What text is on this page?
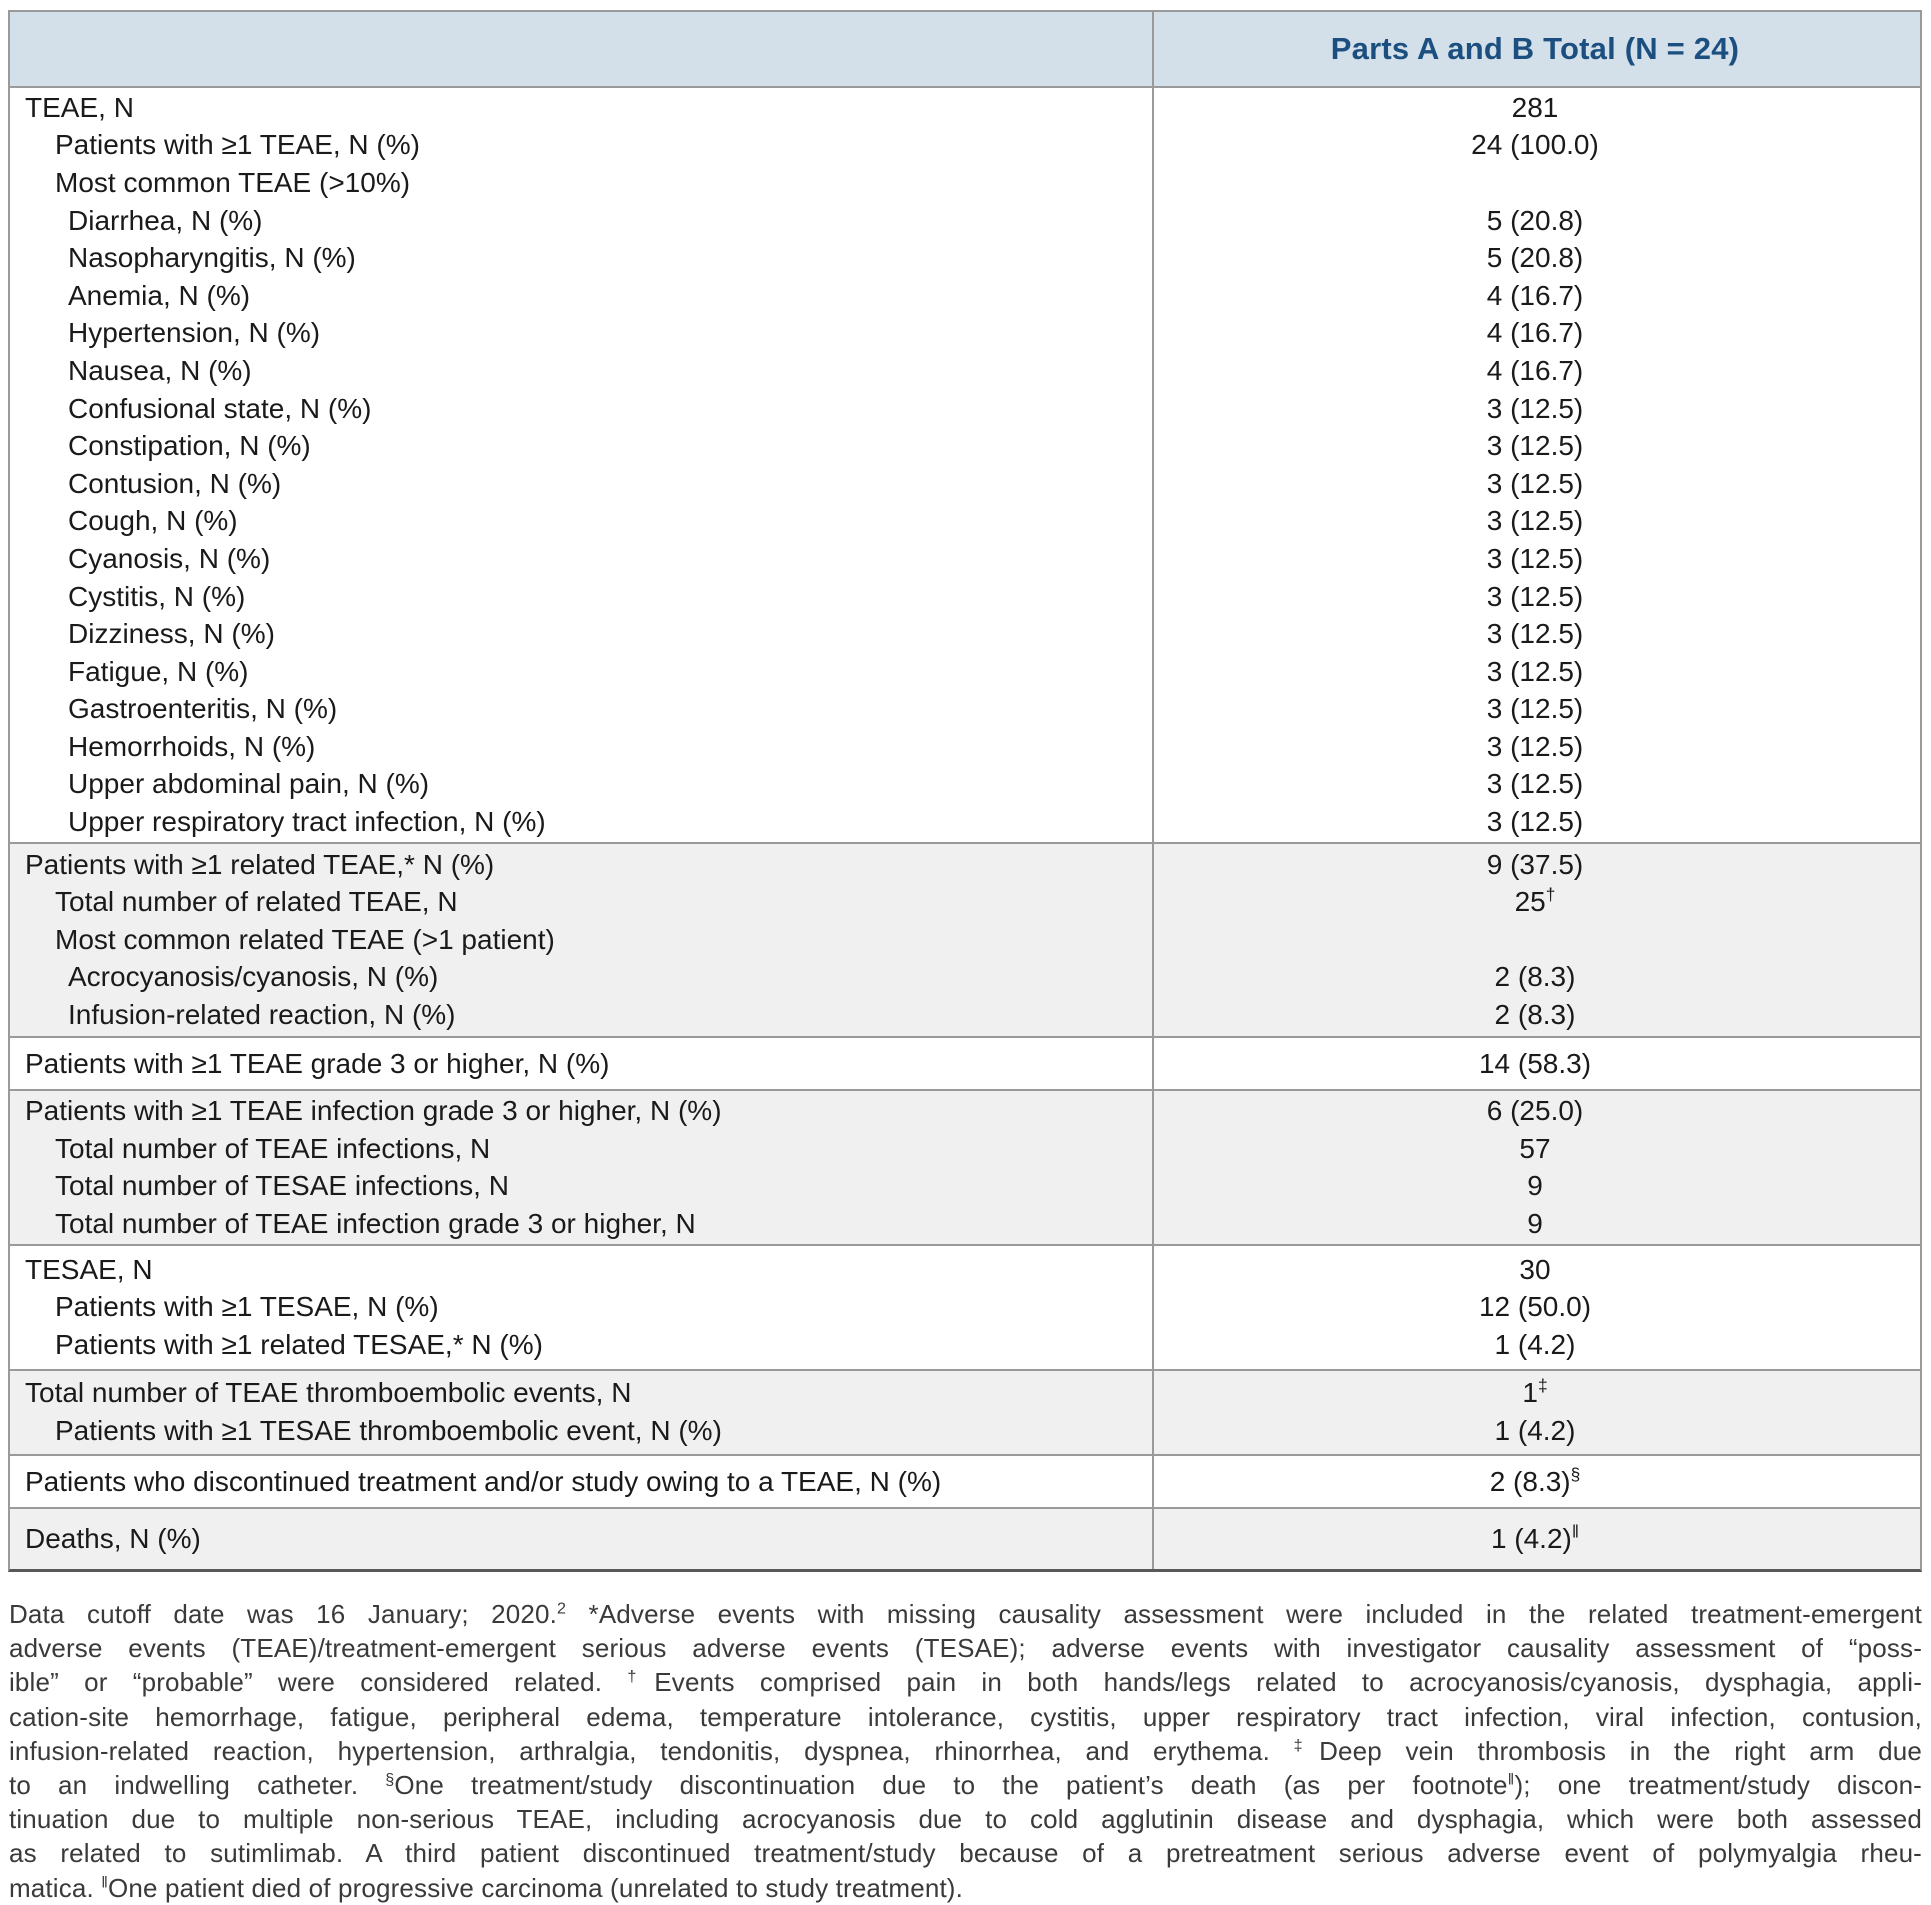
Parts A and B Total (N = 24)
TEAE, N	281
Patients with ≥1 TEAE, N (%)	24 (100.0)
Most common TEAE (>10%)
Diarrhea, N (%)	5 (20.8)
Nasopharyngitis, N (%)	5 (20.8)
Anemia, N (%)	4 (16.7)
Hypertension, N (%)	4 (16.7)
Nausea, N (%)	4 (16.7)
Confusional state, N (%)	3 (12.5)
Constipation, N (%)	3 (12.5)
Contusion, N (%)	3 (12.5)
Cough, N (%)	3 (12.5)
Cyanosis, N (%)	3 (12.5)
Cystitis, N (%)	3 (12.5)
Dizziness, N (%)	3 (12.5)
Fatigue, N (%)	3 (12.5)
Gastroenteritis, N (%)	3 (12.5)
Hemorrhoids, N (%)	3 (12.5)
Upper abdominal pain, N (%)	3 (12.5)
Upper respiratory tract infection, N (%)	3 (12.5)
Patients with ≥1 related TEAE,* N (%)	9 (37.5)
Total number of related TEAE, N	25†
Most common related TEAE (>1 patient)
Acrocyanosis/cyanosis, N (%)	2 (8.3)
Infusion-related reaction, N (%)	2 (8.3)
Patients with ≥1 TEAE grade 3 or higher, N (%)	14 (58.3)
Patients with ≥1 TEAE infection grade 3 or higher, N (%)	6 (25.0)
Total number of TEAE infections, N	57
Total number of TESAE infections, N	9
Total number of TEAE infection grade 3 or higher, N	9
TESAE, N	30
Patients with ≥1 TESAE, N (%)	12 (50.0)
Patients with ≥1 related TESAE,* N (%)	1 (4.2)
Total number of TEAE thromboembolic events, N	1‡
Patients with ≥1 TESAE thromboembolic event, N (%)	1 (4.2)
Patients who discontinued treatment and/or study owing to a TEAE, N (%)	2 (8.3)§
Deaths, N (%)	1 (4.2)‖
Data cutoff date was 16 January; 2020.$^2$ *Adverse events with missing causality assessment were included in the related treatment-emergent
adverse events (TEAE)/treatment-emergent serious adverse events (TESAE); adverse events with investigator causality assessment of “poss-
ible” or “probable” were considered related. †Events comprised pain in both hands/legs related to acrocyanosis/cyanosis, dysphagia, appli-
cation-site hemorrhage, fatigue, peripheral edema, temperature intolerance, cystitis, upper respiratory tract infection, viral infection, contusion,
infusion-related reaction, hypertension, arthralgia, tendonitis, dyspnea, rhinorrhea, and erythema. ‡Deep vein thrombosis in the right arm due
to an indwelling catheter. §One treatment/study discontinuation due to the patient’s death (as per footnote‖); one treatment/study discon-
tinuation due to multiple non-serious TEAE, including acrocyanosis due to cold agglutinin disease and dysphagia, which were both assessed
as related to sutimlimab. A third patient discontinued treatment/study because of a pretreatment serious adverse event of polymyalgia rheu-
matica. ‖One patient died of progressive carcinoma (unrelated to study treatment).
